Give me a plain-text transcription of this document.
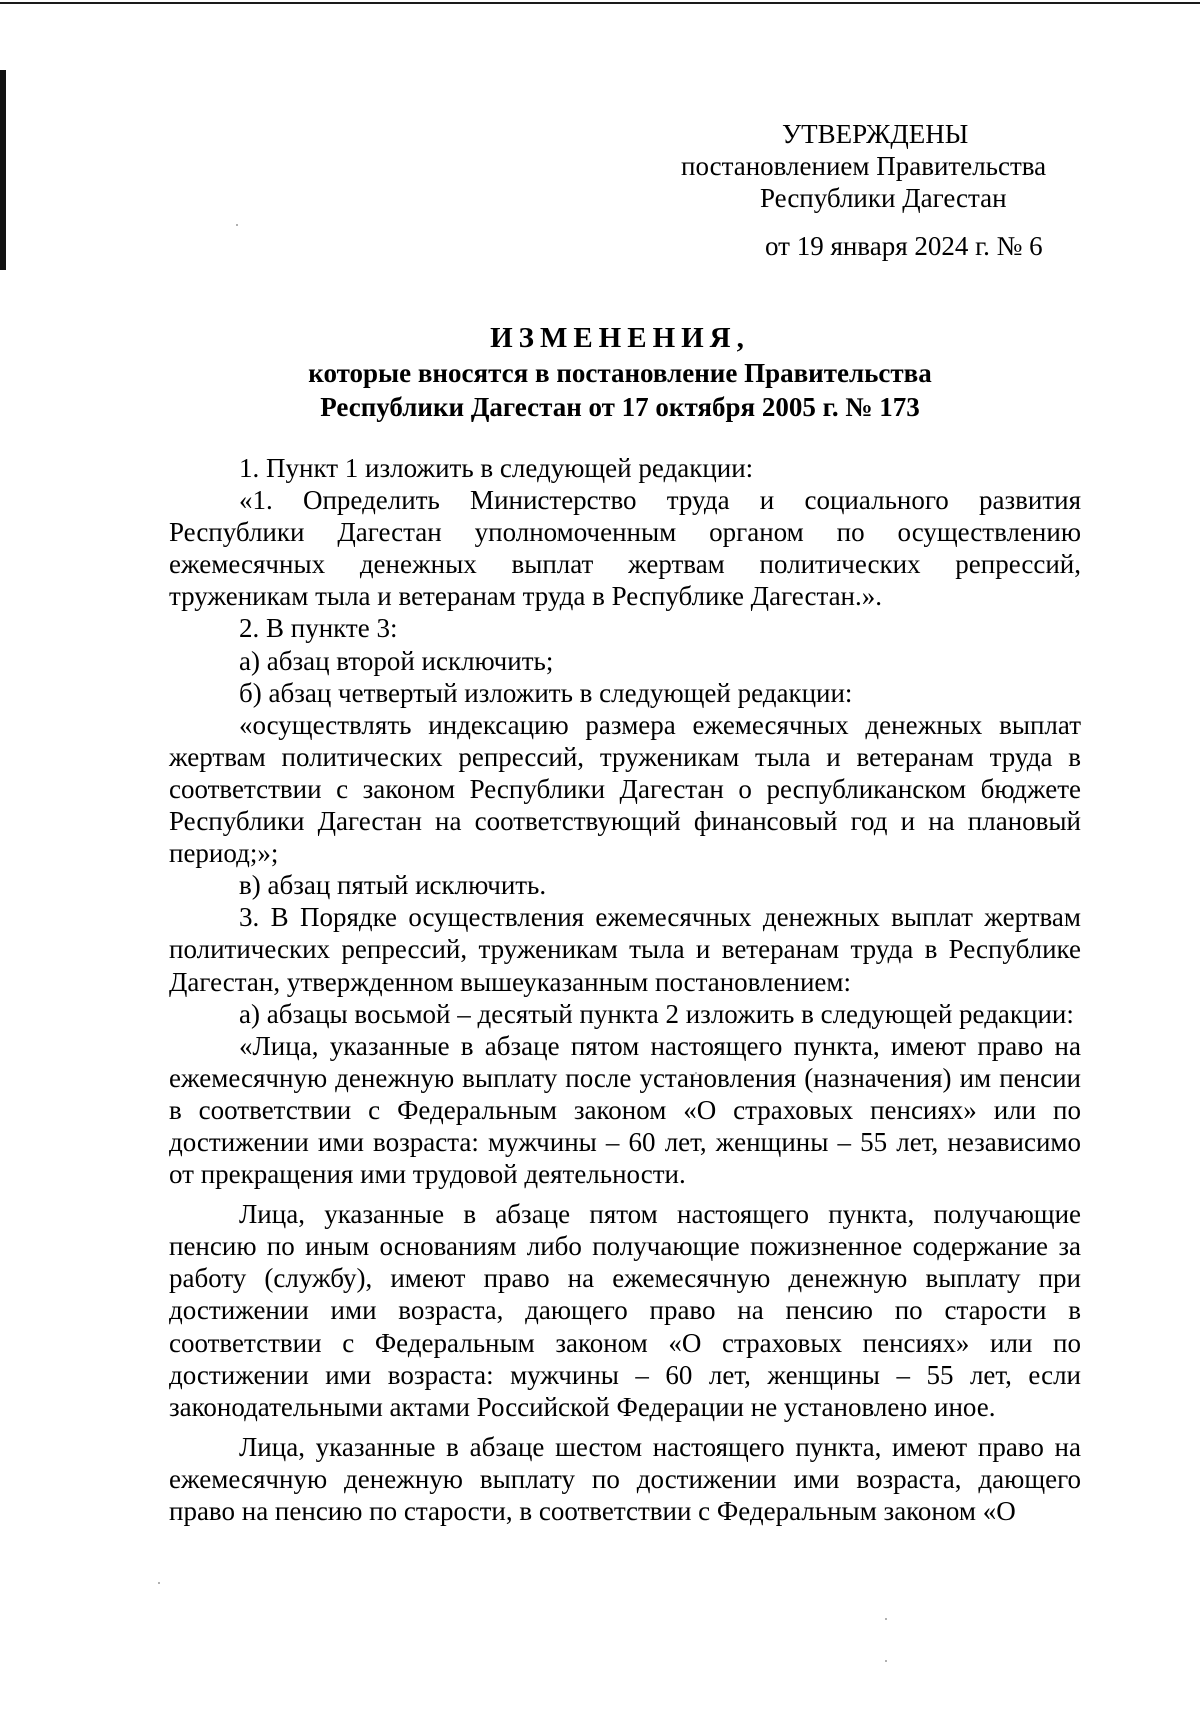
УТВЕРЖДЕНЫ
постановлением Правительства
Республики Дагестан
от 19 января 2024 г. № 6
ИЗМЕНЕНИЯ,
которые вносятся в постановление Правительства
Республики Дагестан от 17 октября 2005 г. № 173

1. Пункт 1 изложить в следующей редакции:

«1. Определить Министерство труда и социального развития Республики Дагестан уполномоченным органом по осуществлению ежемесячных денежных выплат жертвам политических репрессий, труженикам тыла и ветеранам труда в Республике Дагестан.».

2. В пункте 3:

а) абзац второй исключить;

б) абзац четвертый изложить в следующей редакции:

«осуществлять индексацию размера ежемесячных денежных выплат жертвам политических репрессий, труженикам тыла и ветеранам труда в соответствии с законом Республики Дагестан о республиканском бюджете Республики Дагестан на соответствующий финансовый год и на плановый период;»;

в) абзац пятый исключить.

3. В Порядке осуществления ежемесячных денежных выплат жертвам политических репрессий, труженикам тыла и ветеранам труда в Республике Дагестан, утвержденном вышеуказанным постановлением:

а) абзацы восьмой – десятый пункта 2 изложить в следующей редакции:

«Лица, указанные в абзаце пятом настоящего пункта, имеют право на ежемесячную денежную выплату после установления (назначения) им пенсии в соответствии с Федеральным законом «О страховых пенсиях» или по достижении ими возраста: мужчины – 60 лет, женщины – 55 лет, независимо от прекращения ими трудовой деятельности.

Лица, указанные в абзаце пятом настоящего пункта, получающие пенсию по иным основаниям либо получающие пожизненное содержание за работу (службу), имеют право на ежемесячную денежную выплату при достижении ими возраста, дающего право на пенсию по старости в соответствии с Федеральным законом «О страховых пенсиях» или по достижении ими возраста: мужчины – 60 лет, женщины – 55 лет, если законодательными актами Российской Федерации не установлено иное.

Лица, указанные в абзаце шестом настоящего пункта, имеют право на ежемесячную денежную выплату по достижении ими возраста, дающего право на пенсию по старости, в соответствии с Федеральным законом «О
